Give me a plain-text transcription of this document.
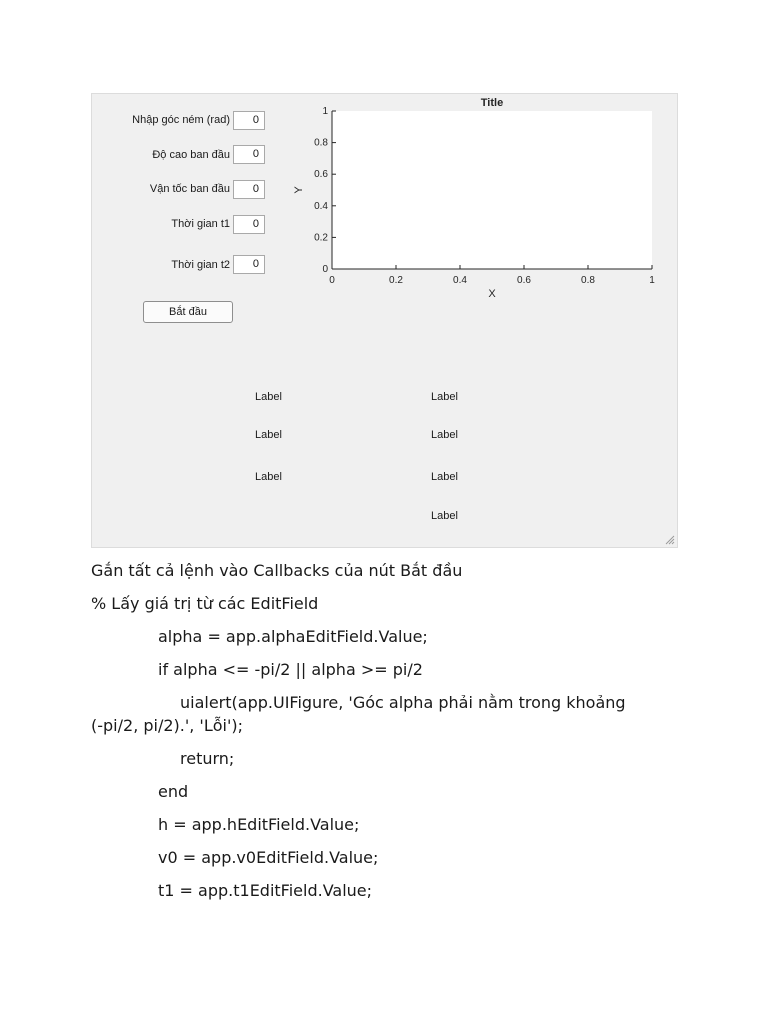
Nhập góc ném (rad)	0
Độ cao ban đầu	0
Vận tốc ban đầu	0
Thời gian t1	0
Thời gian t2	0
Bắt đầu
0	0.2	0.4	0.6	0.8	1
0
0.2
0.4
0.6
0.8
1
Title
X
Y
Label
Label
Label
Label
Label
Label
Label
Gắn tất cả lệnh vào Callbacks của nút Bắt đầu
% Lấy giá trị từ các EditField
alpha = app.alphaEditField.Value;
if alpha <= -pi/2 || alpha >= pi/2
uialert(app.UIFigure, 'Góc alpha phải nằm trong khoảng
(-pi/2, pi/2).', 'Lỗi');
return;
end
h = app.hEditField.Value;
v0 = app.v0EditField.Value;
t1 = app.t1EditField.Value;
